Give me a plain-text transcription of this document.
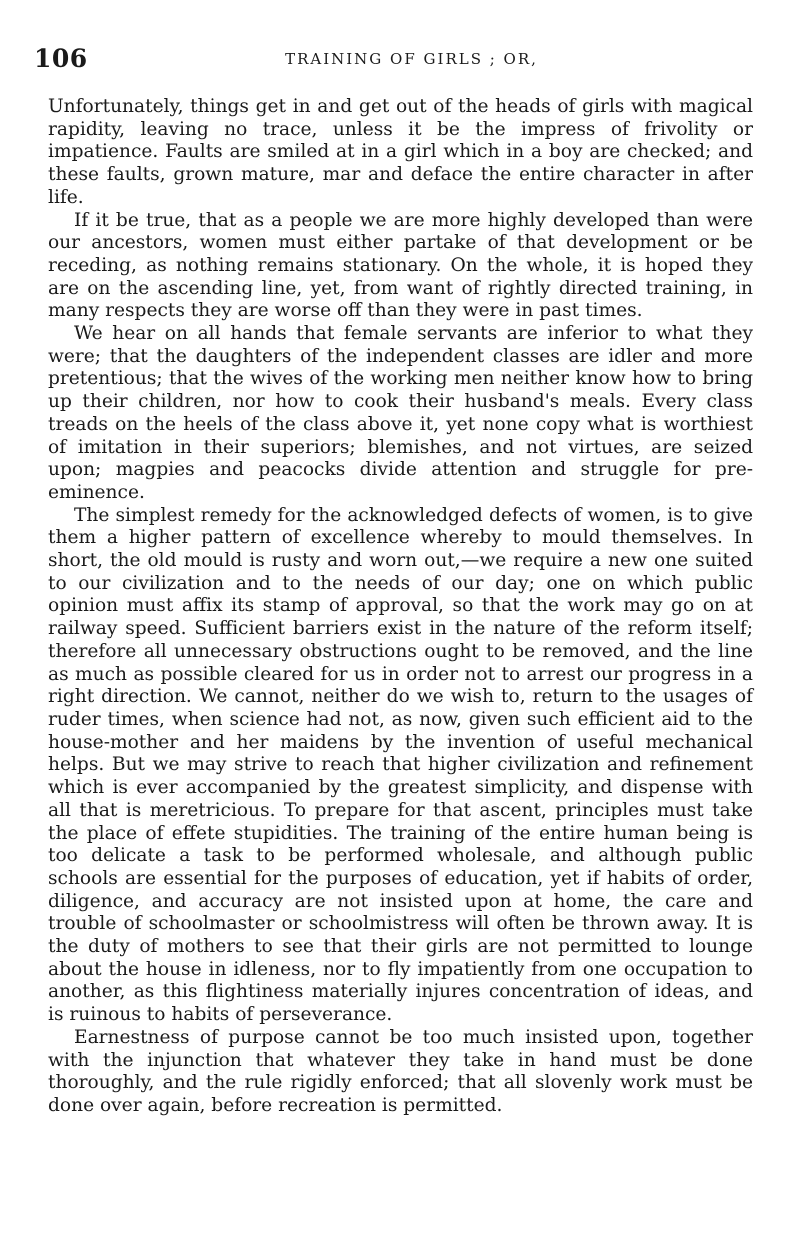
106	TRAINING OF GIRLS ; OR,

Unfortunately, things get in and get out of the heads of girls with magical rapidity, leaving no trace, unless it be the impress of frivolity or impatience. Faults are smiled at in a girl which in a boy are checked; and these faults, grown mature, mar and deface the entire character in after life.

If it be true, that as a people we are more highly developed than were our ancestors, women must either partake of that development or be receding, as nothing remains stationary. On the whole, it is hoped they are on the ascending line, yet, from want of rightly directed training, in many respects they are worse off than they were in past times.

We hear on all hands that female servants are inferior to what they were; that the daughters of the independent classes are idler and more pretentious; that the wives of the working men neither know how to bring up their children, nor how to cook their husband's meals. Every class treads on the heels of the class above it, yet none copy what is worthiest of imitation in their superiors; blemishes, and not virtues, are seized upon; magpies and peacocks divide attention and struggle for pre-eminence.

The simplest remedy for the acknowledged defects of women, is to give them a higher pattern of excellence whereby to mould themselves. In short, the old mould is rusty and worn out,—we require a new one suited to our civilization and to the needs of our day; one on which public opinion must affix its stamp of approval, so that the work may go on at railway speed. Sufficient barriers exist in the nature of the reform itself; therefore all unnecessary obstructions ought to be removed, and the line as much as possible cleared for us in order not to arrest our progress in a right direction. We cannot, neither do we wish to, return to the usages of ruder times, when science had not, as now, given such efficient aid to the house-mother and her maidens by the invention of useful mechanical helps. But we may strive to reach that higher civilization and refinement which is ever accompanied by the greatest simplicity, and dispense with all that is meretricious. To prepare for that ascent, principles must take the place of effete stupidities. The training of the entire human being is too delicate a task to be performed wholesale, and although public schools are essential for the purposes of education, yet if habits of order, diligence, and accuracy are not insisted upon at home, the care and trouble of schoolmaster or schoolmistress will often be thrown away. It is the duty of mothers to see that their girls are not permitted to lounge about the house in idleness, nor to fly impatiently from one occupation to another, as this flightiness materially injures concentration of ideas, and is ruinous to habits of perseverance.

Earnestness of purpose cannot be too much insisted upon, together with the injunction that whatever they take in hand must be done thoroughly, and the rule rigidly enforced; that all slovenly work must be done over again, before recreation is permitted.
